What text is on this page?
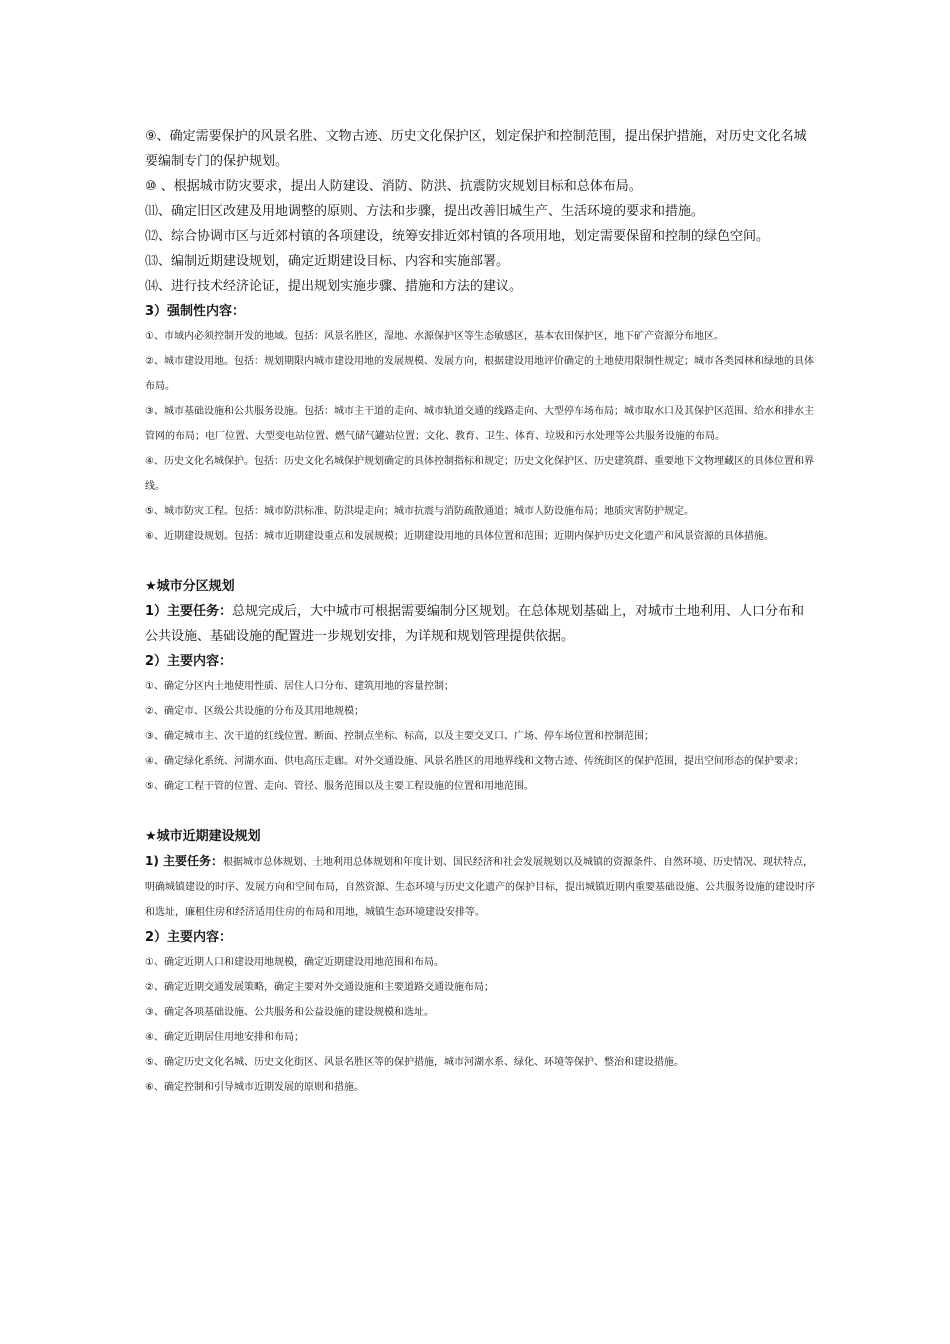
⑨、确定需要保护的风景名胜、文物古迹、历史文化保护区，划定保护和控制范围，提出保护措施，对历史文化名城要编制专门的保护规划。

⑩ 、根据城市防灾要求，提出人防建设、消防、防洪、抗震防灾规划目标和总体布局。

⑾、确定旧区改建及用地调整的原则、方法和步骤，提出改善旧城生产、生活环境的要求和措施。

⑿、综合协调市区与近郊村镇的各项建设，统筹安排近郊村镇的各项用地，划定需要保留和控制的绿色空间。

⒀、编制近期建设规划，确定近期建设目标、内容和实施部署。

⒁、进行技术经济论证，提出规划实施步骤、措施和方法的建议。

3）强制性内容：

①、市域内必须控制开发的地域。包括：风景名胜区，湿地、水源保护区等生态敏感区，基本农田保护区，地下矿产资源分布地区。

②、城市建设用地。包括：规划期限内城市建设用地的发展规模、发展方向，根据建设用地评价确定的土地使用限制性规定；城市各类园林和绿地的具体布局。

③、城市基础设施和公共服务设施。包括：城市主干道的走向、城市轨道交通的线路走向、大型停车场布局；城市取水口及其保护区范围、给水和排水主管网的布局；电厂位置、大型变电站位置、燃气储气罐站位置；文化、教育、卫生、体育、垃圾和污水处理等公共服务设施的布局。

④、历史文化名城保护。包括：历史文化名城保护规划确定的具体控制指标和规定；历史文化保护区、历史建筑群、重要地下文物埋藏区的具体位置和界线。

⑤、城市防灾工程。包括：城市防洪标准、防洪堤走向；城市抗震与消防疏散通道；城市人防设施布局；地质灾害防护规定。

⑥、近期建设规划。包括：城市近期建设重点和发展规模；近期建设用地的具体位置和范围；近期内保护历史文化遗产和风景资源的具体措施。

★城市分区规划

1）主要任务：总规完成后，大中城市可根据需要编制分区规划。在总体规划基础上，对城市土地利用、人口分布和公共设施、基础设施的配置进一步规划安排，为详规和规划管理提供依据。

2）主要内容：

①、确定分区内土地使用性质、居住人口分布、建筑用地的容量控制；

②、确定市、区级公共设施的分布及其用地规模；

③、确定城市主、次干道的红线位置、断面、控制点坐标、标高，以及主要交叉口、广场、停车场位置和控制范围；

④、确定绿化系统、河湖水面、供电高压走廊。对外交通设施、风景名胜区的用地界线和文物古迹、传统街区的保护范围，提出空间形态的保护要求；

⑤、确定工程干管的位置、走向、管径、服务范围以及主要工程设施的位置和用地范围。

★城市近期建设规划

1) 主要任务：根据城市总体规划、土地利用总体规划和年度计划、国民经济和社会发展规划以及城镇的资源条件、自然环境、历史情况、现状特点，明确城镇建设的时序、发展方向和空间布局，自然资源、生态环境与历史文化遗产的保护目标，提出城镇近期内重要基础设施、公共服务设施的建设时序和选址，廉租住房和经济适用住房的布局和用地，城镇生态环境建设安排等。

2）主要内容：

①、确定近期人口和建设用地规模，确定近期建设用地范围和布局。

②、确定近期交通发展策略，确定主要对外交通设施和主要道路交通设施布局；

③、确定各项基础设施、公共服务和公益设施的建设规模和选址。

④、确定近期居住用地安排和布局；

⑤、确定历史文化名城、历史文化街区、风景名胜区等的保护措施，城市河湖水系、绿化、环境等保护、整治和建设措施。

⑥、确定控制和引导城市近期发展的原则和措施。
